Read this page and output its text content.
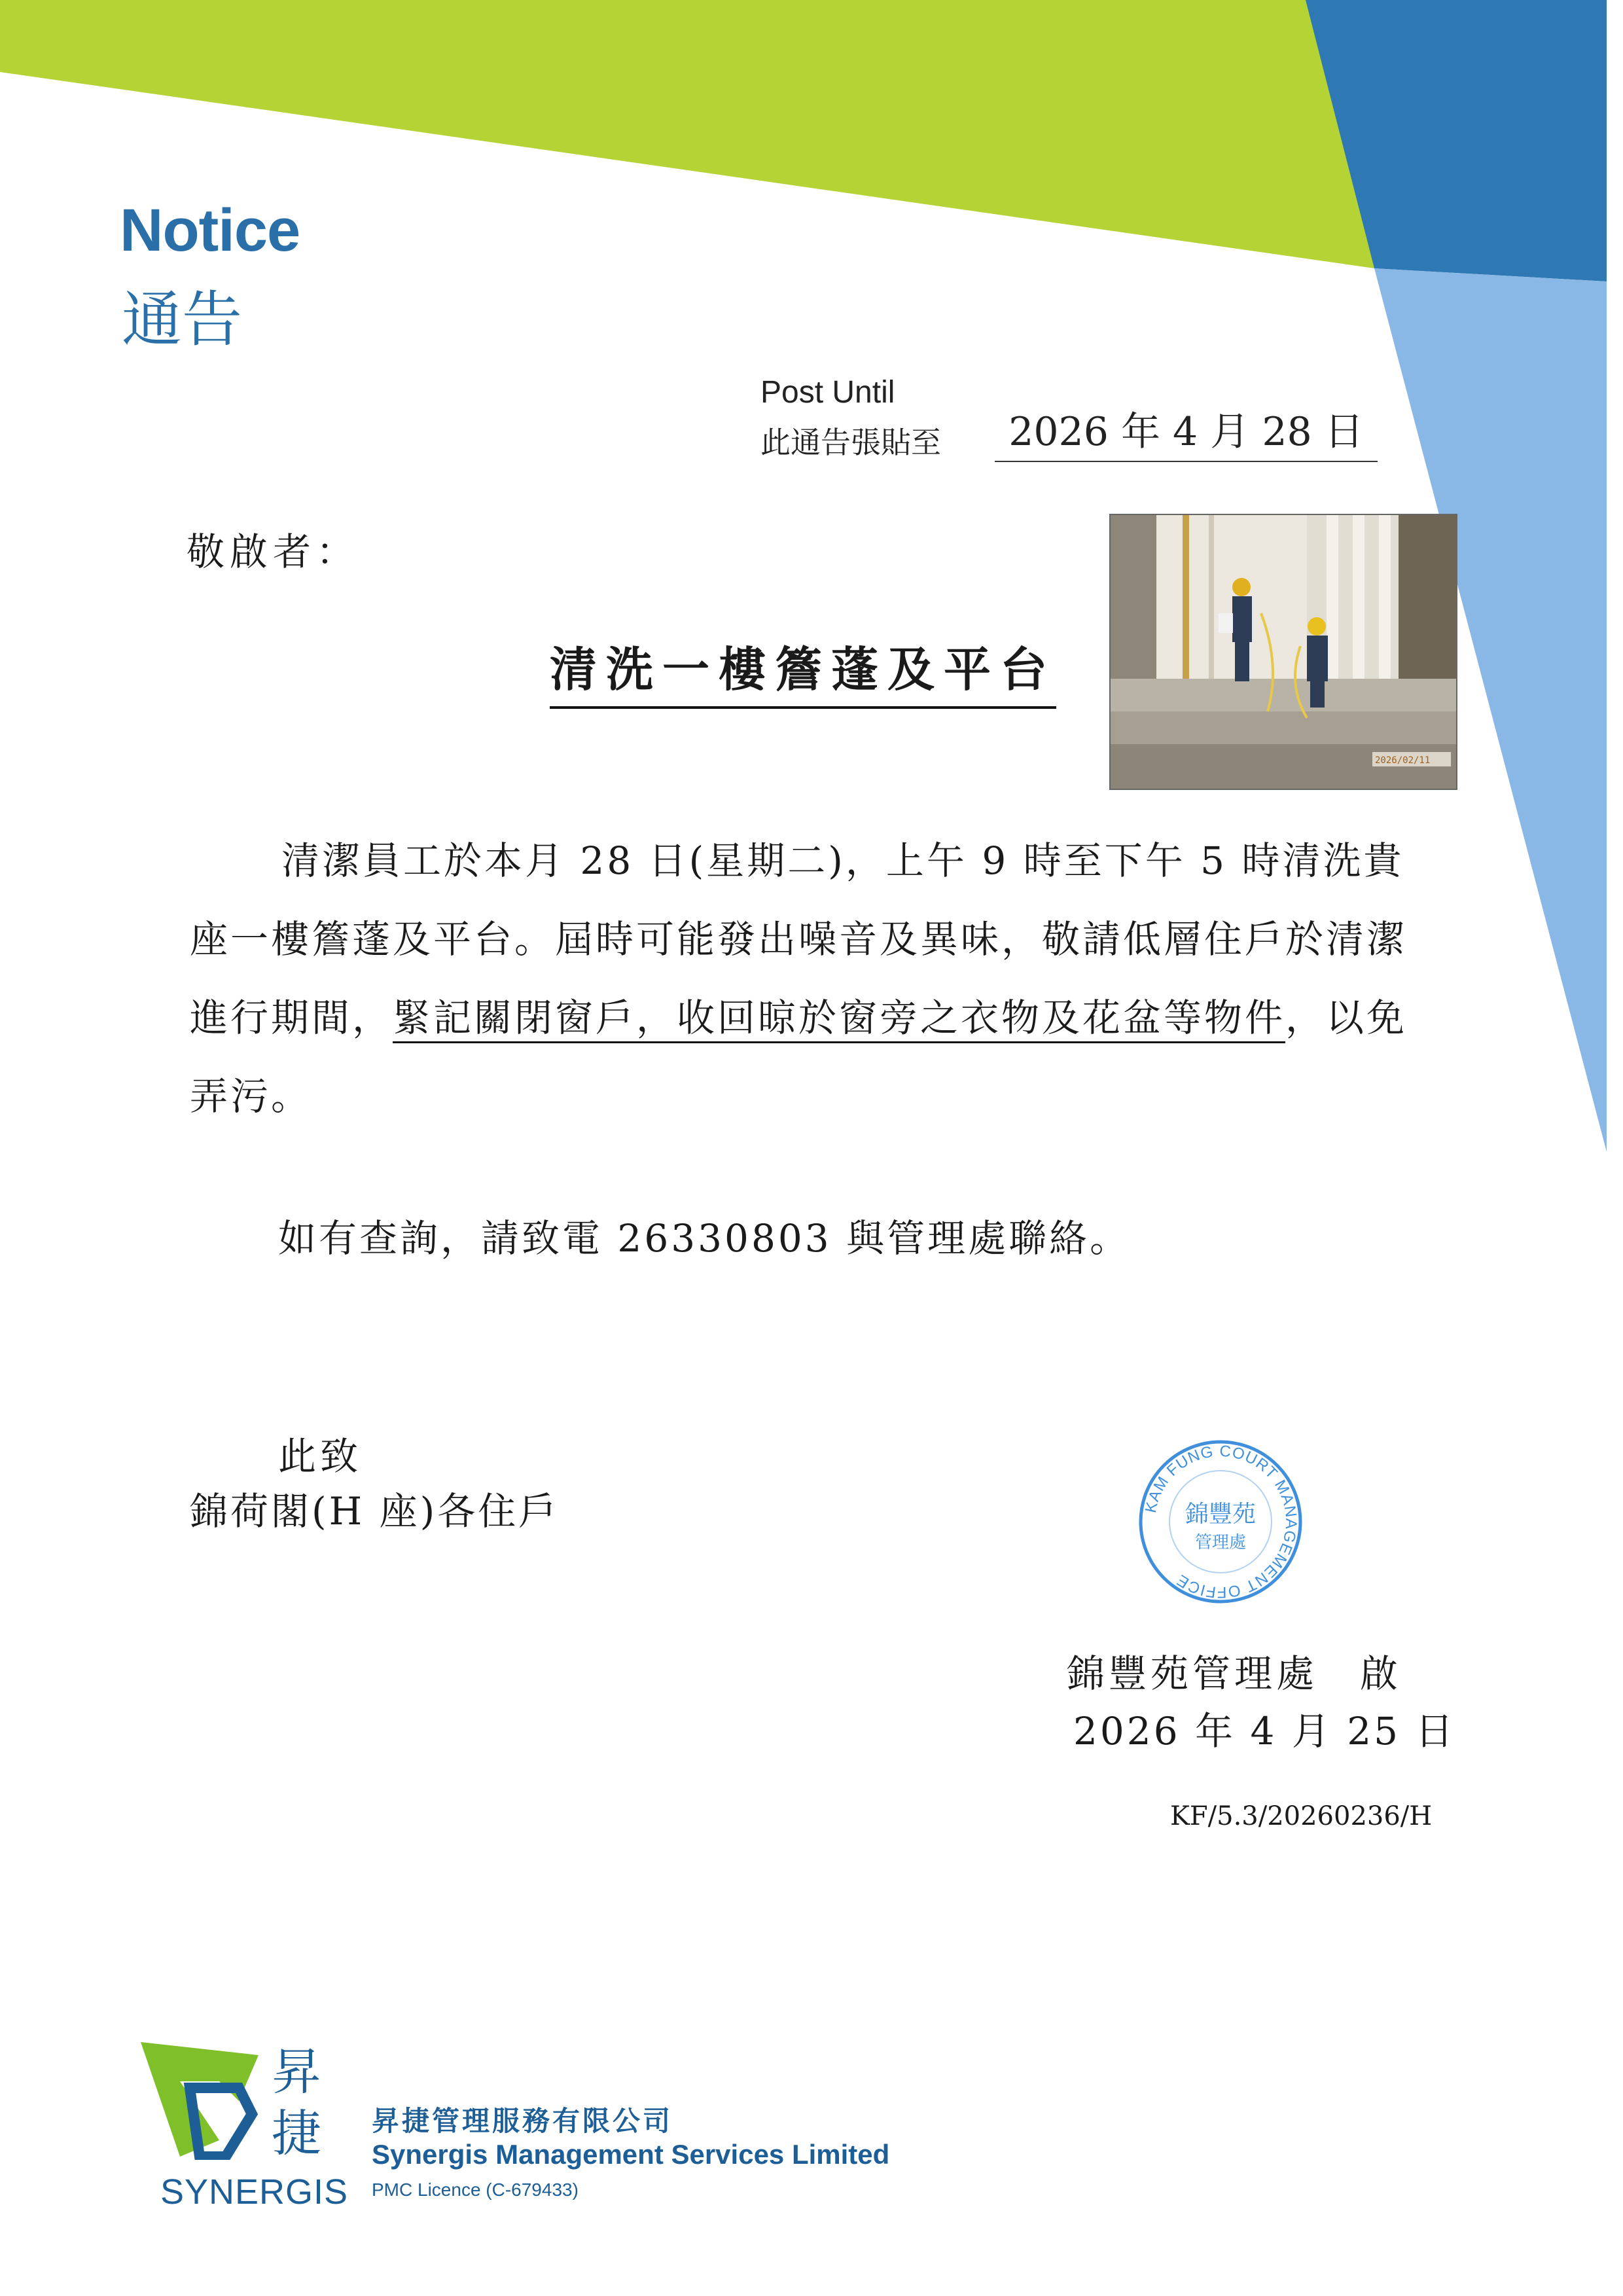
Notice
通告
Post Until
此通告張貼至	2026 年 4 月 28 日
敬啟者：
清洗一樓簷蓬及平台
2026/02/11

清潔員工於本月 28 日(星期二)，上午 9 時至下午 5 時清洗貴座一樓簷蓬及平台。屆時可能發出噪音及異味，敬請低層住戶於清潔進行期間，緊記關閉窗戶，收回晾於窗旁之衣物及花盆等物件，以免弄污。

如有查詢，請致電 26330803 與管理處聯絡。
此致
錦荷閣(H 座)各住戶	KAM FUNG COURT MANAGEMENT OFFICE
錦豐苑
管理處
錦豐苑管理處　啟
2026 年 4 月 25 日
KF/5.3/20260236/H
昇
捷
SYNERGIS
昇捷管理服務有限公司
Synergis Management Services Limited
PMC Licence (C-679433)
